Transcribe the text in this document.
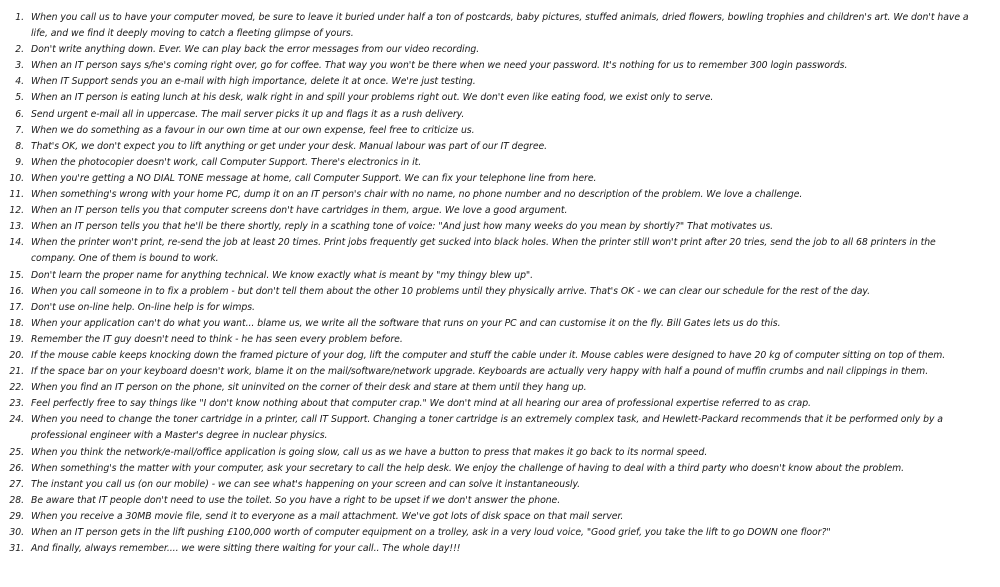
1. When you call us to have your computer moved, be sure to leave it buried under half a ton of postcards, baby pictures, stuffed animals, dried flowers, bowling trophies and children's art. We don't have a life, and we find it deeply moving to catch a fleeting glimpse of yours.
2. Don't write anything down. Ever. We can play back the error messages from our video recording.
3. When an IT person says s/he's coming right over, go for coffee. That way you won't be there when we need your password. It's nothing for us to remember 300 login passwords.
4. When IT Support sends you an e-mail with high importance, delete it at once. We're just testing.
5. When an IT person is eating lunch at his desk, walk right in and spill your problems right out. We don't even like eating food, we exist only to serve.
6. Send urgent e-mail all in uppercase. The mail server picks it up and flags it as a rush delivery.
7. When we do something as a favour in our own time at our own expense, feel free to criticize us.
8. That's OK, we don't expect you to lift anything or get under your desk. Manual labour was part of our IT degree.
9. When the photocopier doesn't work, call Computer Support. There's electronics in it.
10. When you're getting a NO DIAL TONE message at home, call Computer Support. We can fix your telephone line from here.
11. When something's wrong with your home PC, dump it on an IT person's chair with no name, no phone number and no description of the problem. We love a challenge.
12. When an IT person tells you that computer screens don't have cartridges in them, argue. We love a good argument.
13. When an IT person tells you that he'll be there shortly, reply in a scathing tone of voice: "And just how many weeks do you mean by shortly?" That motivates us.
14. When the printer won't print, re-send the job at least 20 times. Print jobs frequently get sucked into black holes. When the printer still won't print after 20 tries, send the job to all 68 printers in the company. One of them is bound to work.
15. Don't learn the proper name for anything technical. We know exactly what is meant by "my thingy blew up".
16. When you call someone in to fix a problem - but don't tell them about the other 10 problems until they physically arrive. That's OK - we can clear our schedule for the rest of the day.
17. Don't use on-line help. On-line help is for wimps.
18. When your application can't do what you want... blame us, we write all the software that runs on your PC and can customise it on the fly. Bill Gates lets us do this.
19. Remember the IT guy doesn't need to think - he has seen every problem before.
20. If the mouse cable keeps knocking down the framed picture of your dog, lift the computer and stuff the cable under it. Mouse cables were designed to have 20 kg of computer sitting on top of them.
21. If the space bar on your keyboard doesn't work, blame it on the mail/software/network upgrade. Keyboards are actually very happy with half a pound of muffin crumbs and nail clippings in them.
22. When you find an IT person on the phone, sit uninvited on the corner of their desk and stare at them until they hang up.
23. Feel perfectly free to say things like "I don't know nothing about that computer crap." We don't mind at all hearing our area of professional expertise referred to as crap.
24. When you need to change the toner cartridge in a printer, call IT Support. Changing a toner cartridge is an extremely complex task, and Hewlett-Packard recommends that it be performed only by a professional engineer with a Master's degree in nuclear physics.
25. When you think the network/e-mail/office application is going slow, call us as we have a button to press that makes it go back to its normal speed.
26. When something's the matter with your computer, ask your secretary to call the help desk. We enjoy the challenge of having to deal with a third party who doesn't know about the problem.
27. The instant you call us (on our mobile) - we can see what's happening on your screen and can solve it instantaneously.
28. Be aware that IT people don't need to use the toilet. So you have a right to be upset if we don't answer the phone.
29. When you receive a 30MB movie file, send it to everyone as a mail attachment. We've got lots of disk space on that mail server.
30. When an IT person gets in the lift pushing £100,000 worth of computer equipment on a trolley, ask in a very loud voice, "Good grief, you take the lift to go DOWN one floor?"
31. And finally, always remember.... we were sitting there waiting for your call.. The whole day!!!
